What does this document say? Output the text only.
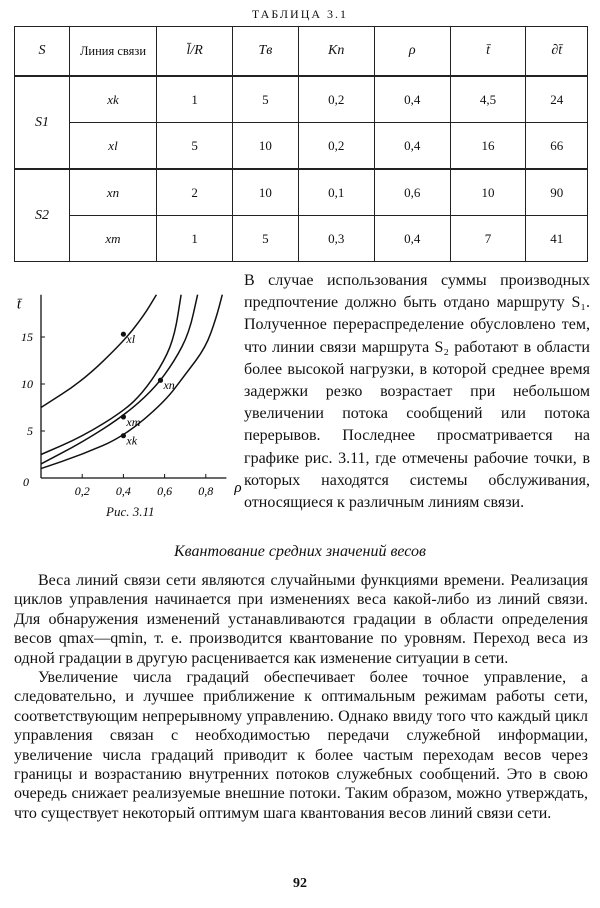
ТАБЛИЦА 3.1
S	Линия связи	l̄/R	Tв	Kп	ρ	t̄	∂t̄
S1	xk	1	5	0,2	0,4	4,5	24
	xl	5	10	0,2	0,4	16	66
S2	xn	2	10	0,1	0,6	10	90
	xm	1	5	0,3	0,4	7	41
0,2 0,4 0,6 0,8
0
5
10
15
ρ
t̄
xl
xn
xm
xk
Рис. 3.11
В случае использования суммы производных предпочтение должно быть отдано маршруту S₁. Полученное перераспределение обусловлено тем, что линии связи маршрута S₂ работают в области более высокой нагрузки, в которой среднее время задержки резко возрастает при небольшом увеличении потока сообщений или потока перерывов. Последнее просматривается на графике рис. 3.11, где отмечены рабочие точки, в которых находятся системы обслуживания, относящиеся к различным линиям связи.
Квантование средних значений весов

Веса линий связи сети являются случайными функциями времени. Реализация циклов управления начинается при изменениях веса какой-либо из линий связи. Для обнаружения изменений устанавливаются градации в области определения весов qmax—qmin, т. е. производится квантование по уровням. Переход веса из одной градации в другую расценивается как изменение ситуации в сети.

Увеличение числа градаций обеспечивает более точное управление, а следовательно, и лучшее приближение к оптимальным режимам работы сети, соответствующим непрерывному управлению. Однако ввиду того что каждый цикл управления связан с необходимостью передачи служебной информации, увеличение числа градаций приводит к более частым переходам весов через границы и возрастанию внутренних потоков служебных сообщений. Это в свою очередь снижает реализуемые внешние потоки. Таким образом, можно утверждать, что существует некоторый оптимум шага квантования весов линий связи сети.

92
